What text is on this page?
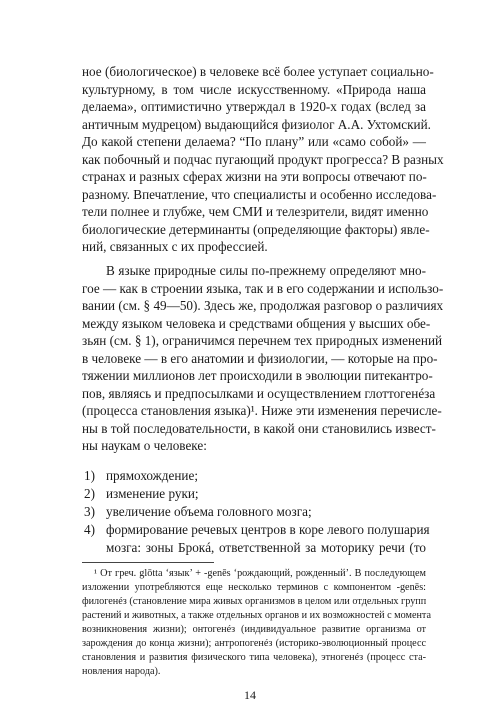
ное (биологическое) в человеке всё более уступает социально-
культурному, в том числе искусственному. «Природа наша
делаема», оптимистично утверждал в 1920-х годах (вслед за
античным мудрецом) выдающийся физиолог А.А. Ухтомский.
До какой степени делаема? “По плану” или «само собой» —
как побочный и подчас пугающий продукт прогресса? В разных
странах и разных сферах жизни на эти вопросы отвечают по-
разному. Впечатление, что специалисты и особенно исследова-
тели полнее и глубже, чем СМИ и телезрители, видят именно
биологические детерминанты (определяющие факторы) явле-
ний, связанных с их профессией.
В языке природные силы по-прежнему определяют мно-
гое — как в строении языка, так и в его содержании и использо-
вании (см. § 49—50). Здесь же, продолжая разговор о различиях
между языком человека и средствами общения у высших обе-
зьян (см. § 1), ограничимся перечнем тех природных изменений
в человеке — в его анатомии и физиологии, — которые на про-
тяжении миллионов лет происходили в эволюции питекантро-
пов, являясь и предпосылками и осуществлением глоттогенéза
(процесса становления языка)¹. Ниже эти изменения перечисле-
ны в той последовательности, в какой они становились извест-
ны наукам о человеке:
1) прямохождение;
2) изменение руки;
3) увеличение объема головного мозга;
4) формирование речевых центров в коре левого полушария
мозга: зоны Брокá, ответственной за моторику речи (то
¹ От греч. glōtta ‘язык’ + -genēs ‘рождающий, рожденный’. В последующем
изложении употребляются еще несколько терминов с компонентом -genēs:
филогенéз (становление мира живых организмов в целом или отдельных групп
растений и животных, а также отдельных органов и их возможностей с момента
возникновения жизни); онтогенéз (индивидуальное развитие организма от
зарождения до конца жизни); антропогенéз (историко-эволюционный процесс
становления и развития физического типа человека), этногенéз (процесс ста-
новления народа).
14
